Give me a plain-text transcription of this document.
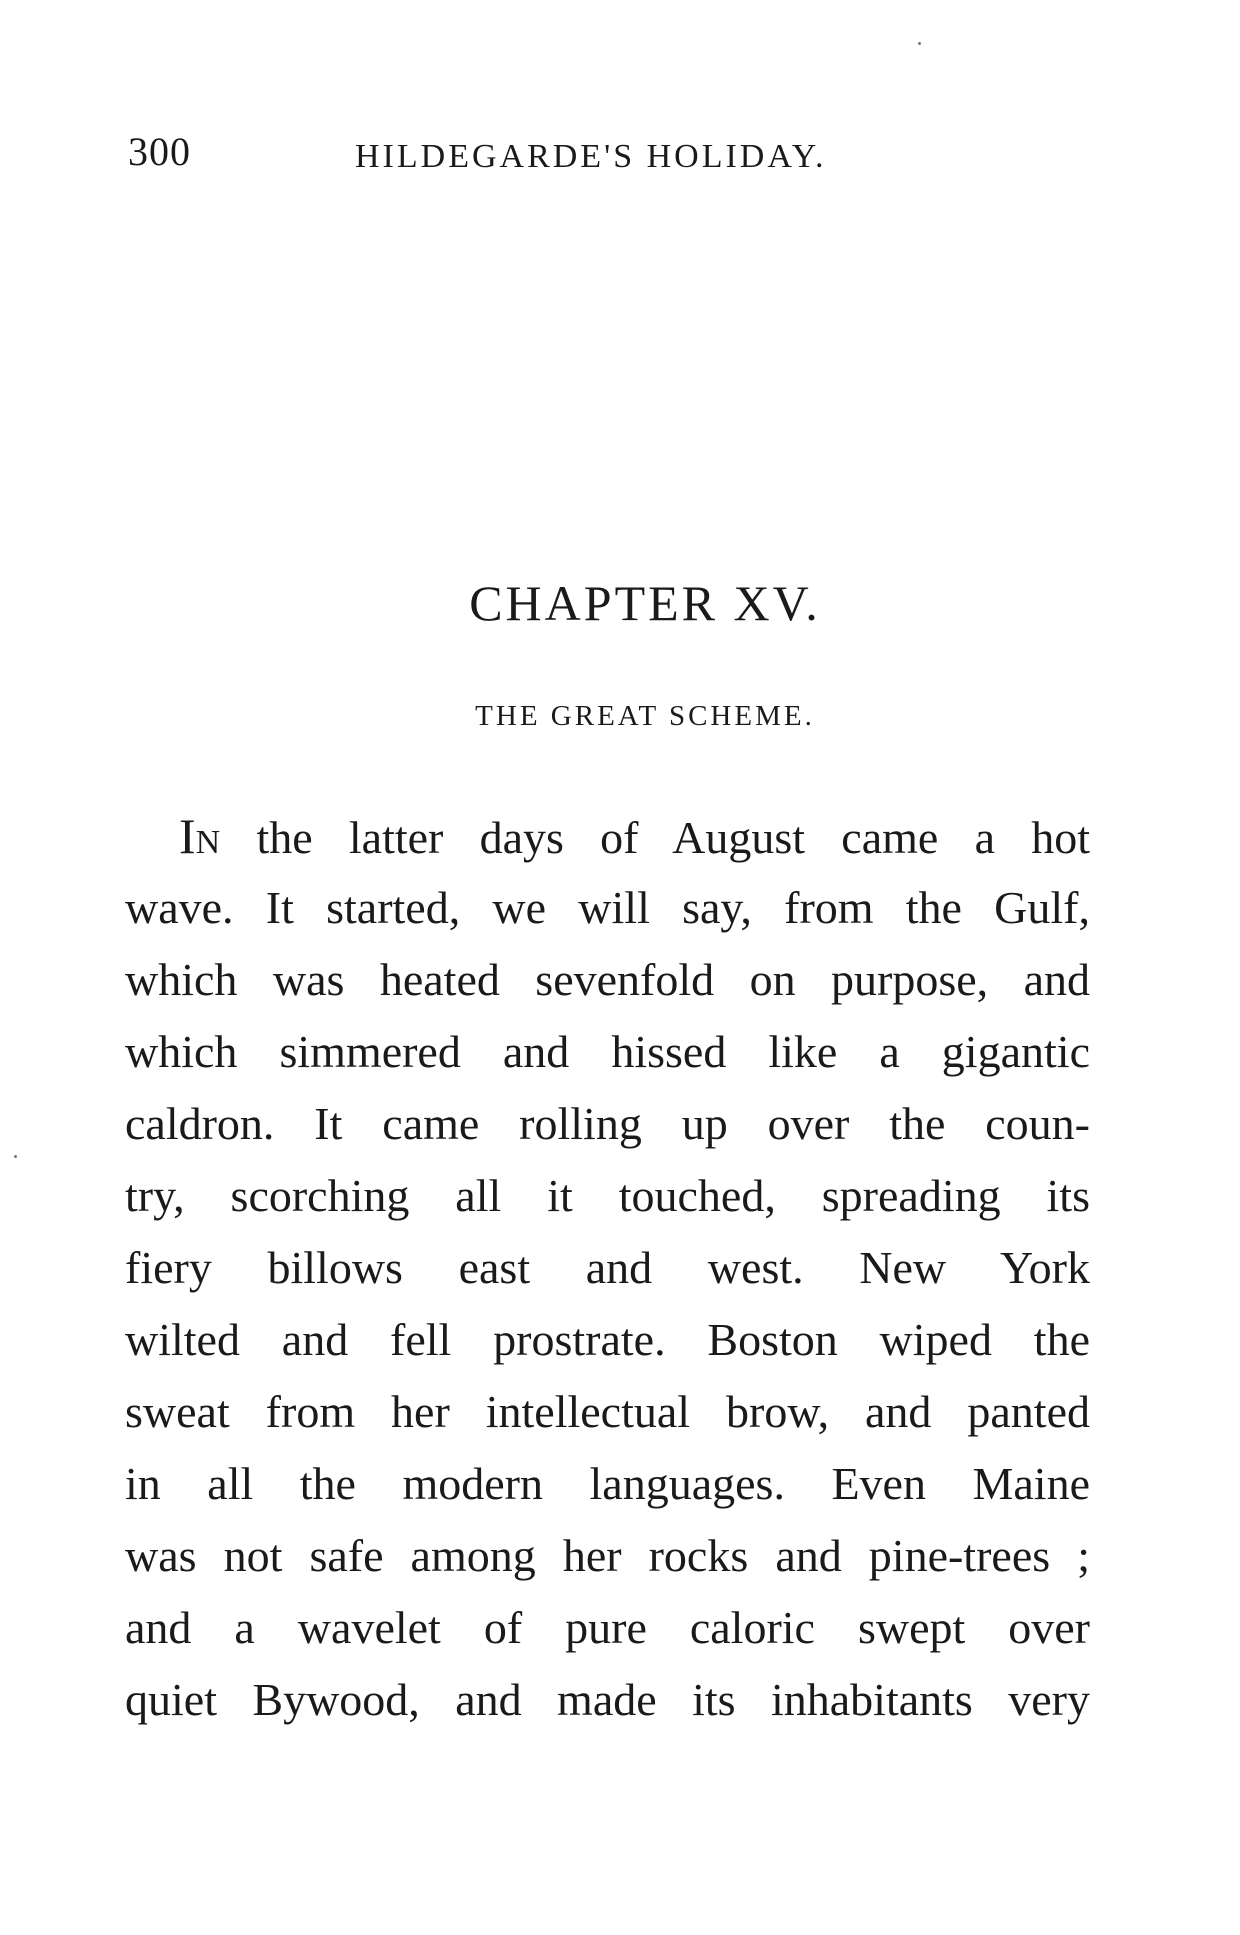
300	HILDEGARDE'S HOLIDAY.
CHAPTER XV.
THE GREAT SCHEME.
IN the latter days of August came a hot
wave. It started, we will say, from the Gulf,
which was heated sevenfold on purpose, and
which simmered and hissed like a gigantic
caldron. It came rolling up over the coun-
try, scorching all it touched, spreading its
fiery billows east and west. New York
wilted and fell prostrate. Boston wiped the
sweat from her intellectual brow, and panted
in all the modern languages. Even Maine
was not safe among her rocks and pine-trees ;
and a wavelet of pure caloric swept over
quiet Bywood, and made its inhabitants very
